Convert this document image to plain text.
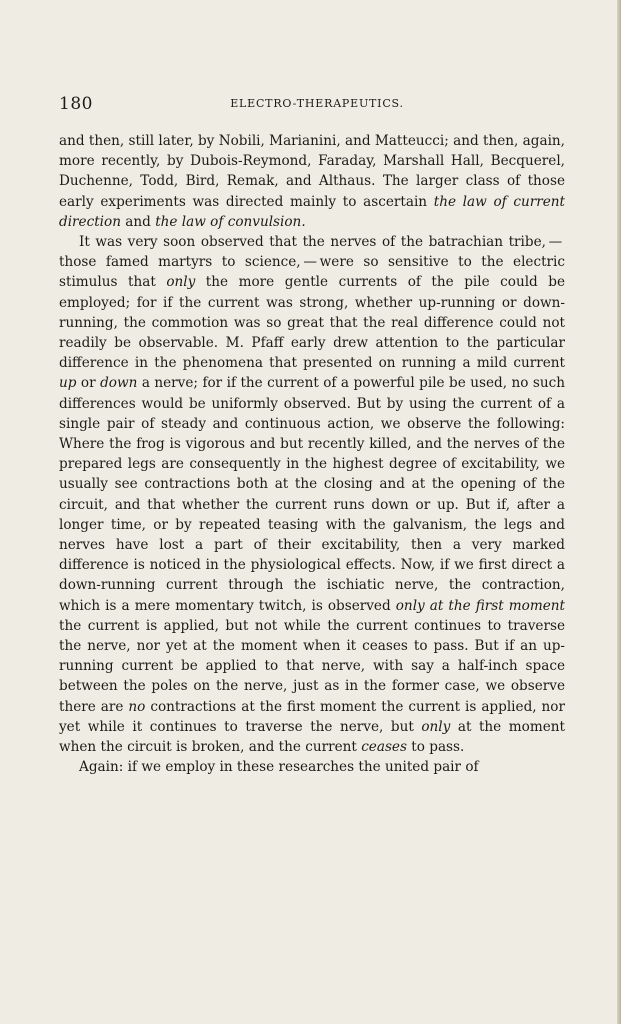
180	ELECTRO-THERAPEUTICS.

and then, still later, by Nobili, Marianini, and Matteucci; and then, again, more recently, by Dubois-Reymond, Faraday, Marshall Hall, Becquerel, Duchenne, Todd, Bird, Remak, and Althaus. The larger class of those early experiments was directed mainly to ascertain the law of current direction and the law of convulsion.

It was very soon observed that the nerves of the batrachian tribe, — those famed martyrs to science, — were so sensitive to the electric stimulus that only the more gentle currents of the pile could be employed; for if the current was strong, whether up-running or down-running, the commotion was so great that the real difference could not readily be observable. M. Pfaff early drew attention to the particular difference in the phenomena that presented on running a mild current up or down a nerve; for if the current of a powerful pile be used, no such differences would be uniformly observed. But by using the current of a single pair of steady and continuous action, we observe the following: Where the frog is vigorous and but recently killed, and the nerves of the prepared legs are consequently in the highest degree of excitability, we usually see contractions both at the closing and at the opening of the circuit, and that whether the current runs down or up. But if, after a longer time, or by repeated teasing with the galvanism, the legs and nerves have lost a part of their excitability, then a very marked difference is noticed in the physiological effects. Now, if we first direct a down-running current through the ischiatic nerve, the contraction, which is a mere momentary twitch, is observed only at the first moment the current is applied, but not while the current continues to traverse the nerve, nor yet at the moment when it ceases to pass. But if an up-running current be applied to that nerve, with say a half-inch space between the poles on the nerve, just as in the former case, we observe there are no contractions at the first moment the current is applied, nor yet while it continues to traverse the nerve, but only at the moment when the circuit is broken, and the current ceases to pass.

Again: if we employ in these researches the united pair of
